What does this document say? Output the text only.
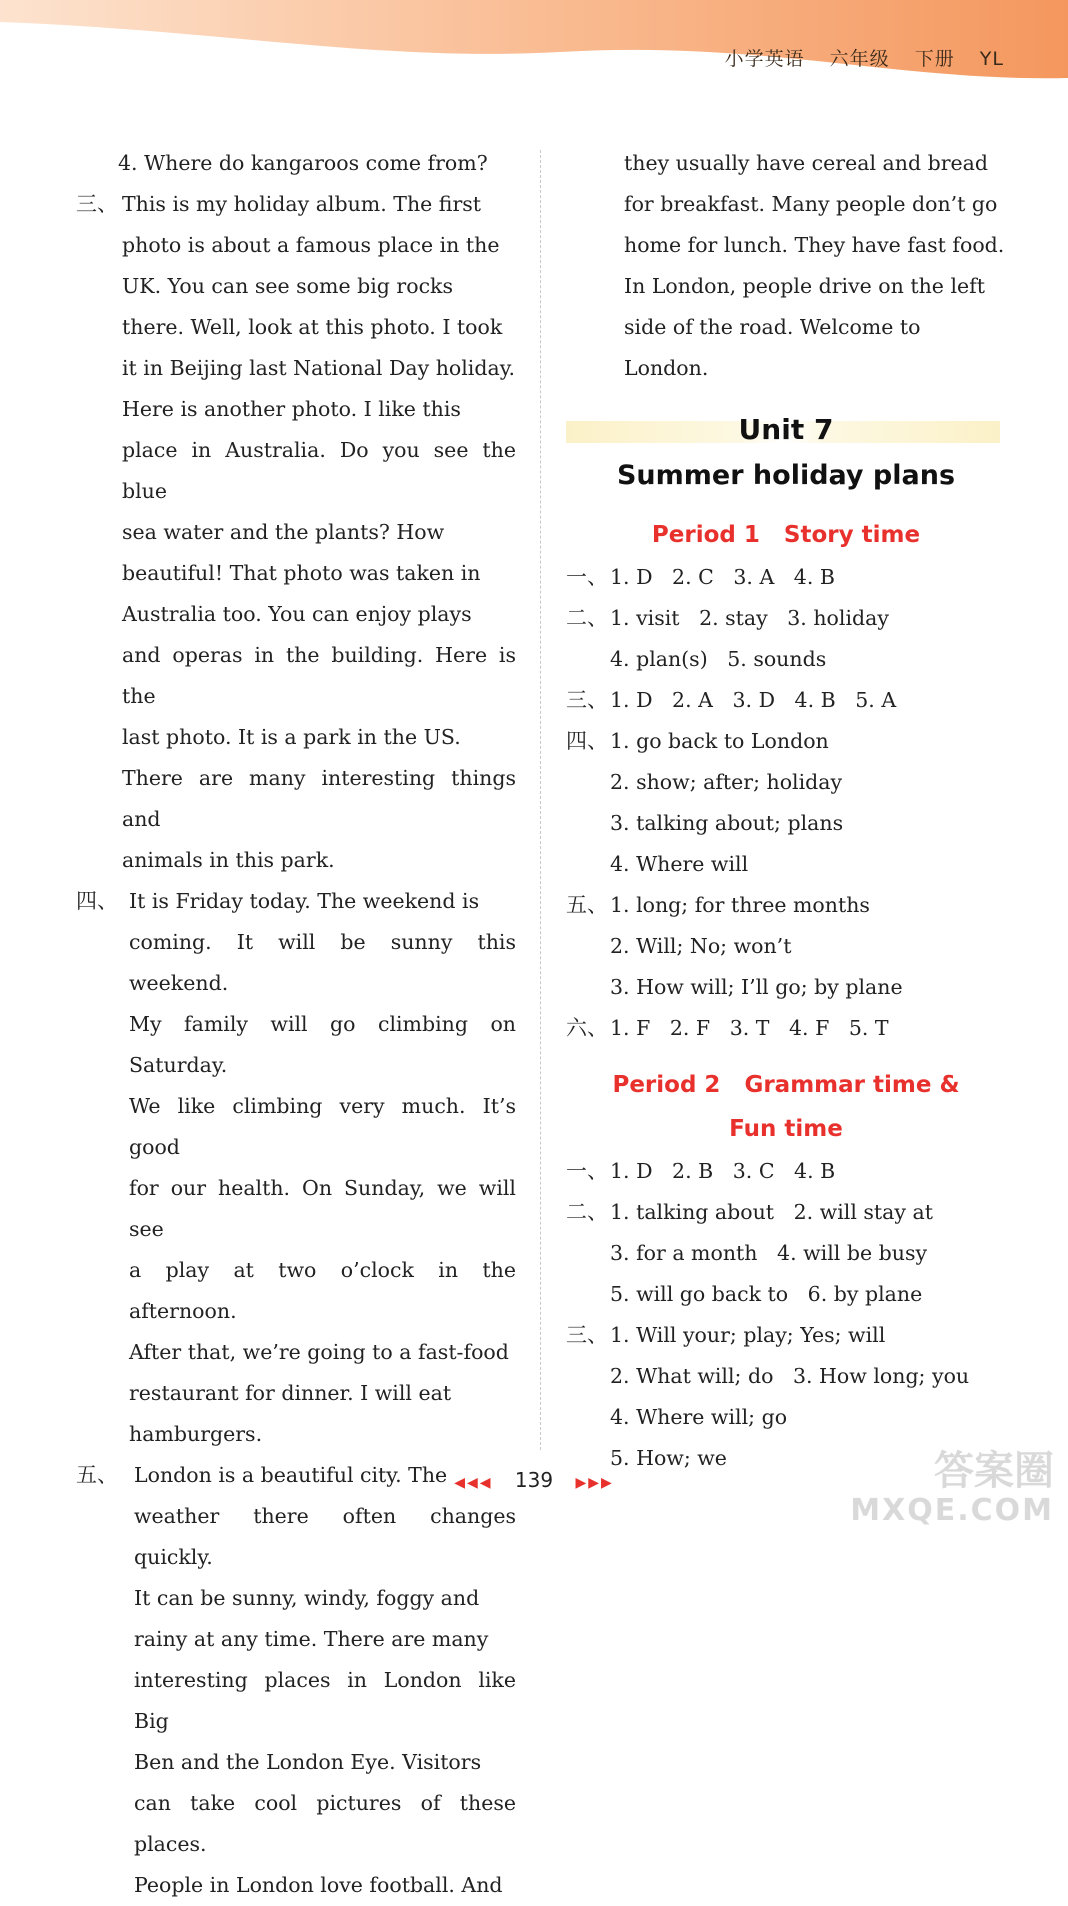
小学英语 六年级 下册 YL
4. Where do kangaroos come from?
三、 This is my holiday album. The first
photo is about a famous place in the
UK. You can see some big rocks
there. Well, look at this photo. I took
it in Beijing last National Day holiday.
Here is another photo. I like this
place in Australia. Do you see the blue
sea water and the plants? How
beautiful! That photo was taken in
Australia too. You can enjoy plays
and operas in the building. Here is the
last photo. It is a park in the US.
There are many interesting things and
animals in this park.
四、 It is Friday today. The weekend is
coming. It will be sunny this weekend.
My family will go climbing on Saturday.
We like climbing very much. It’s good
for our health. On Sunday, we will see
a play at two o’clock in the afternoon.
After that, we’re going to a fast-food
restaurant for dinner. I will eat
hamburgers.
五、 London is a beautiful city. The
weather there often changes quickly.
It can be sunny, windy, foggy and
rainy at any time. There are many
interesting places in London like Big
Ben and the London Eye. Visitors
can take cool pictures of these places.
People in London love football. And
they usually have cereal and bread
for breakfast. Many people don’t go
home for lunch. They have fast food.
In London, people drive on the left
side of the road. Welcome to
London.
Unit 7
Summer holiday plans
Period 1   Story time
一、 1. D   2. C   3. A   4. B
二、 1. visit   2. stay   3. holiday
4. plan(s)   5. sounds
三、 1. D   2. A   3. D   4. B   5. A
四、 1. go back to London
2. show; after; holiday
3. talking about; plans
4. Where will
五、 1. long; for three months
2. Will; No; won’t
3. How will; I’ll go; by plane
六、 1. F   2. F   3. T   4. F   5. T
Period 2   Grammar time &
Fun time
一、 1. D   2. B   3. C   4. B
二、 1. talking about   2. will stay at
3. for a month   4. will be busy
5. will go back to   6. by plane
三、 1. Will your; play; Yes; will
2. What will; do   3. How long; you
4. Where will; go
5. How; we
◀◀◀ 139 ▶▶▶	答案圈
MXQE.COM
